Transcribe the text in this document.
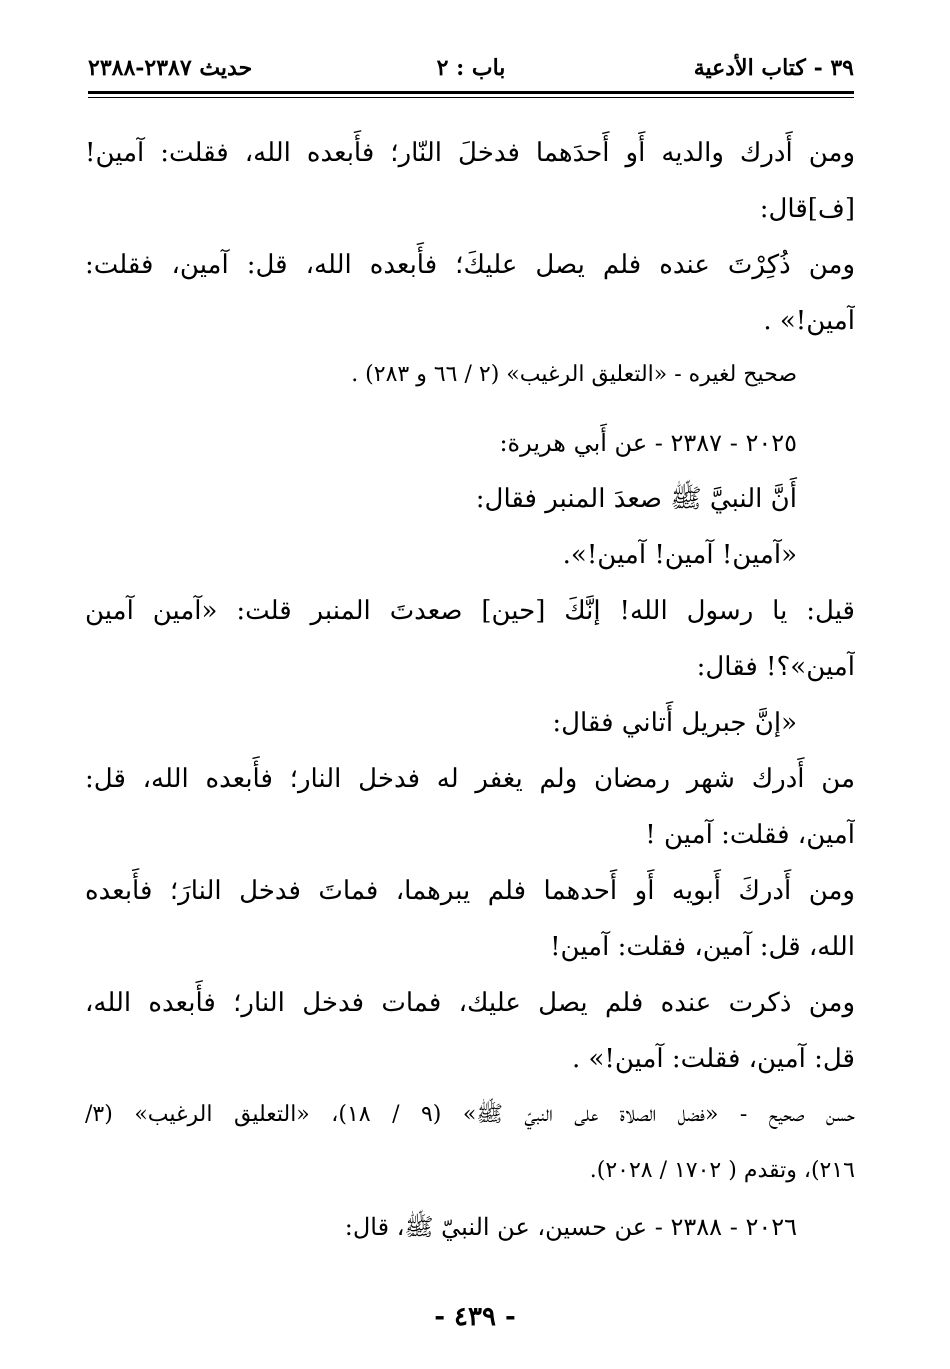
٣٩ - كتاب الأدعية
باب : ٢
حديث ٢٣٨٧-٢٣٨٨
ومن أَدرك والديه أَو أَحدَهما فدخلَ النّار؛ فأَبعده الله، فقلت: آمين!
[ف]قال:
ومن ذُكِرْتَ عنده فلم يصل عليكَ؛ فأَبعده الله، قل: آمين، فقلت:
آمين!» .
صحيح لغيره - «التعليق الرغيب» (٢ / ٦٦ و ٢٨٣) .
٢٠٢٥ - ٢٣٨٧ - عن أَبي هريرة:
أَنَّ النبيَّ ﷺ صعدَ المنبر فقال:
«آمين! آمين! آمين!».
قيل: يا رسول الله! إنَّكَ [حين] صعدتَ المنبر قلت: «آمين آمين
آمين»؟! فقال:
«إنَّ جبريل أَتاني فقال:
من أَدرك شهر رمضان ولم يغفر له فدخل النار؛ فأَبعده الله، قل:
آمين، فقلت: آمين !
ومن أَدركَ أَبويه أَو أَحدهما فلم يبرهما، فماتَ فدخل النارَ؛ فأَبعده
الله، قل: آمين، فقلت: آمين!
ومن ذكرت عنده فلم يصل عليك، فمات فدخل النار؛ فأَبعده الله،
قل: آمين، فقلت: آمين!» .
حسن صحيح - «فضل الصلاة على النبيّ ﷺ» (٩ / ١٨)، «التعليق الرغيب» (٣/
٢١٦)، وتقدم ( ١٧٠٢ / ٢٠٢٨).
٢٠٢٦ - ٢٣٨٨ - عن حسين، عن النبيّ ﷺ، قال:
- ٤٣٩ -
